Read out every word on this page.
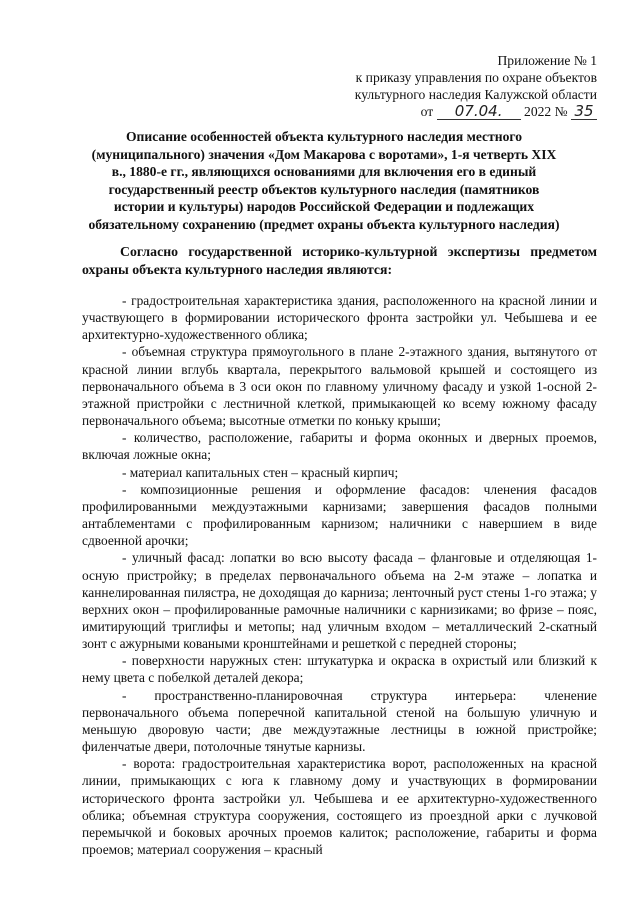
Приложение № 1
к приказу управления по охране объектов
культурного наследия Калужской области
от 07.04. 2022 № 35
Описание особенностей объекта культурного наследия местного (муниципального) значения «Дом Макарова с воротами», 1-я четверть XIX в., 1880-е гг., являющихся основаниями для включения его в единый государственный реестр объектов культурного наследия (памятников истории и культуры) народов Российской Федерации и подлежащих обязательному сохранению (предмет охраны объекта культурного наследия)
Согласно государственной историко-культурной экспертизы предметом охраны объекта культурного наследия являются:

- градостроительная характеристика здания, расположенного на красной линии и участвующего в формировании исторического фронта застройки ул. Чебышева и ее архитектурно-художественного облика;

- объемная структура прямоугольного в плане 2-этажного здания, вытянутого от красной линии вглубь квартала, перекрытого вальмовой крышей и состоящего из первоначального объема в 3 оси окон по главному уличному фасаду и узкой 1-осной 2-этажной пристройки с лестничной клеткой, примыкающей ко всему южному фасаду первоначального объема; высотные отметки по коньку крыши;

- количество, расположение, габариты и форма оконных и дверных проемов, включая ложные окна;

- материал капитальных стен – красный кирпич;

- композиционные решения и оформление фасадов: членения фасадов профилированными междуэтажными карнизами; завершения фасадов полными антаблементами с профилированным карнизом; наличники с навершием в виде сдвоенной арочки;

- уличный фасад: лопатки во всю высоту фасада – фланговые и отделяющая 1-осную пристройку; в пределах первоначального объема на 2-м этаже – лопатка и каннелированная пилястра, не доходящая до карниза; ленточный руст стены 1-го этажа; у верхних окон – профилированные рамочные наличники с карнизиками; во фризе – пояс, имитирующий триглифы и метопы; над уличным входом – металлический 2-скатный зонт с ажурными коваными кронштейнами и решеткой с передней стороны;

- поверхности наружных стен: штукатурка и окраска в охристый или близкий к нему цвета с побелкой деталей декора;

- пространственно-планировочная структура интерьера: членение первоначального объема поперечной капитальной стеной на большую уличную и меньшую дворовую части; две междуэтажные лестницы в южной пристройке; филенчатые двери, потолочные тянутые карнизы.

- ворота: градостроительная характеристика ворот, расположенных на красной линии, примыкающих с юга к главному дому и участвующих в формировании исторического фронта застройки ул. Чебышева и ее архитектурно-художественного облика; объемная структура сооружения, состоящего из проездной арки с лучковой перемычкой и боковых арочных проемов калиток; расположение, габариты и форма проемов; материал сооружения – красный
